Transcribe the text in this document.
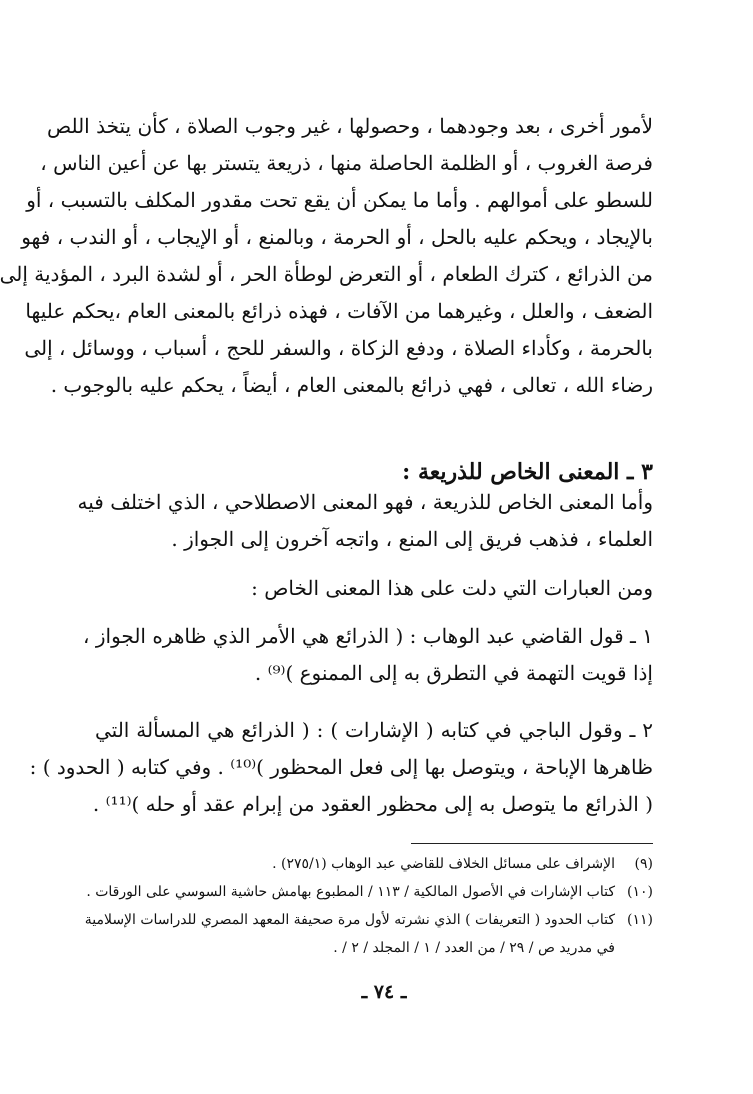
لأمور أخرى ، بعد وجودهما ، وحصولها ، غير وجوب الصلاة ، كأن يتخذ اللص
فرصة الغروب ، أو الظلمة الحاصلة منها ، ذريعة يتستر بها عن أعين الناس ،
للسطو على أموالهم . وأما ما يمكن أن يقع تحت مقدور المكلف بالتسبب ، أو
بالإيجاد ، ويحكم عليه بالحل ، أو الحرمة ، وبالمنع ، أو الإيجاب ، أو الندب ، فهو
من الذرائع ، كترك الطعام ، أو التعرض لوطأة الحر ، أو لشدة البرد ، المؤدية إلى
الضعف ، والعلل ، وغيرهما من الآفات ، فهذه ذرائع بالمعنى العام ،يحكم عليها
بالحرمة ، وكأداء الصلاة ، ودفع الزكاة ، والسفر للحج ، أسباب ، ووسائل ، إلى
رضاء الله ، تعالى ، فهي ذرائع بالمعنى العام ، أيضاً ، يحكم عليه بالوجوب .
٣ ـ المعنى الخاص للذريعة :
وأما المعنى الخاص للذريعة ، فهو المعنى الاصطلاحي ، الذي اختلف فيه
العلماء ، فذهب فريق إلى المنع ، واتجه آخرون إلى الجواز .
ومن العبارات التي دلت على هذا المعنى الخاص :
١ ـ قول القاضي عبد الوهاب : ( الذرائع هي الأمر الذي ظاهره الجواز ،
إذا قويت التهمة في التطرق به إلى الممنوع )⁽⁹⁾ .
٢ ـ وقول الباجي في كتابه ( الإشارات ) : ( الذرائع هي المسألة التي
ظاهرها الإباحة ، ويتوصل بها إلى فعل المحظور )⁽¹⁰⁾ . وفي كتابه ( الحدود ) :
( الذرائع ما يتوصل به إلى محظور العقود من إبرام عقد أو حله )⁽¹¹⁾ .
(٩)
الإشراف على مسائل الخلاف للقاضي عبد الوهاب (٢٧٥/١) .
(١٠)
كتاب الإشارات في الأصول المالكية / ١١٣ / المطبوع بهامش حاشية السوسي على الورقات .
(١١)
كتاب الحدود ( التعريفات ) الذي نشرته لأول مرة صحيفة المعهد المصري للدراسات الإسلامية
في مدريد ص / ٢٩ / من العدد / ١ / المجلد / ٢ / .
ـ ٧٤ ـ
